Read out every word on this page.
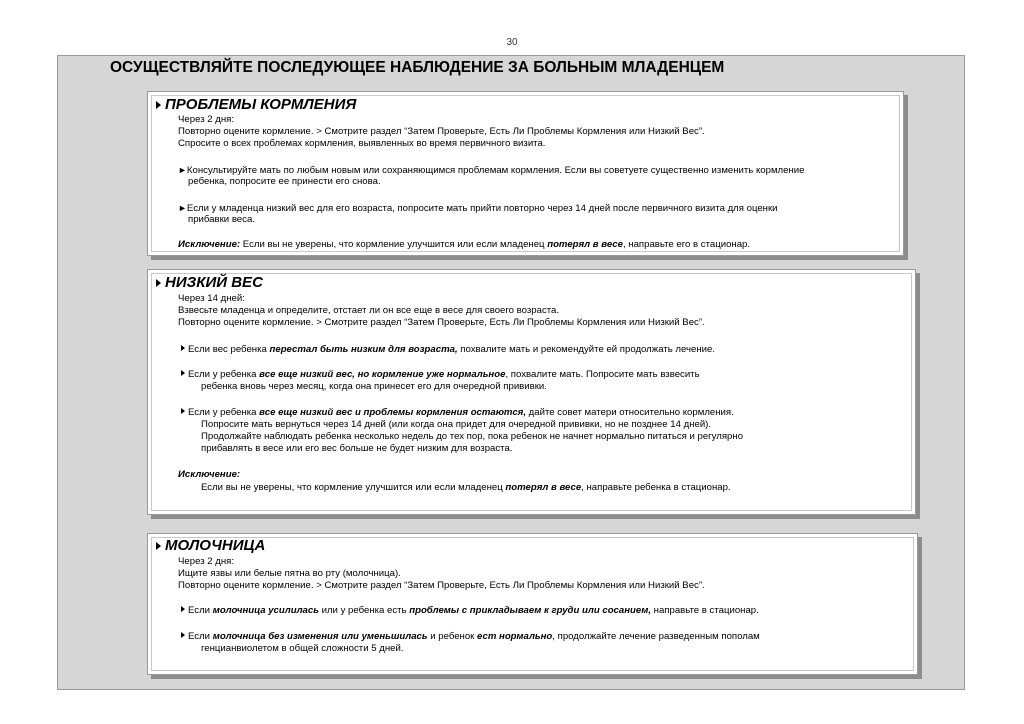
30
ОСУЩЕСТВЛЯЙТЕ ПОСЛЕДУЮЩЕЕ НАБЛЮДЕНИЕ ЗА БОЛЬНЫМ МЛАДЕНЦЕМ
ПРОБЛЕМЫ КОРМЛЕНИЯ
Через 2 дня:
Повторно оцените кормление. > Смотрите раздел “Затем Проверьте, Есть Ли Проблемы Кормления или Низкий Вес”.
Спросите о всех проблемах кормления, выявленных во время первичного визита.
►Консультируйте мать по любым новым или сохраняющимся проблемам кормления. Если вы советуете существенно изменить кормление
ребенка, попросите ее принести его снова.
►Если у младенца низкий вес для его возраста, попросите мать прийти повторно через 14 дней после первичного визита для оценки
прибавки веса.
Исключение: Если вы не уверены, что кормление улучшится или если младенец потерял в весе, направьте его в стационар.
НИЗКИЙ ВЕС
Через 14 дней:
Взвесьте младенца и определите, отстает ли он все еще в весе для своего возраста.
Повторно оцените кормление. > Смотрите раздел “Затем Проверьте, Есть Ли Проблемы Кормления или Низкий Вес”.
Если вес ребенка перестал быть низким для возраста, похвалите мать и рекомендуйте ей продолжать лечение.
Если у ребенка все еще низкий вес, но кормление уже нормальное, похвалите мать. Попросите мать взвесить
ребенка вновь через месяц, когда она принесет его для очередной прививки.
Если у ребенка все еще низкий вес и проблемы кормления остаются, дайте совет матери относительно кормления.
Попросите мать вернуться через 14 дней (или когда она придет для очередной прививки, но не позднее 14 дней).
Продолжайте наблюдать ребенка несколько недель до тех пор, пока ребенок не начнет нормально питаться и регулярно
прибавлять в весе или его вес больше не будет низким для возраста.
Исключение:
Если вы не уверены, что кормление улучшится или если младенец потерял в весе, направьте ребенка в стационар.
МОЛОЧНИЦА
Через 2 дня:
Ищите язвы или белые пятна во рту (молочница).
Повторно оцените кормление. > Смотрите раздел “Затем Проверьте, Есть Ли Проблемы Кормления или Низкий Вес”.
Если молочница усилилась или у ребенка есть проблемы с прикладываем к груди или сосанием, направьте в стационар.
Если молочница без изменения или уменьшилась и ребенок ест нормально, продолжайте лечение разведенным пополам
генцианвиолетом в общей сложности 5 дней.
